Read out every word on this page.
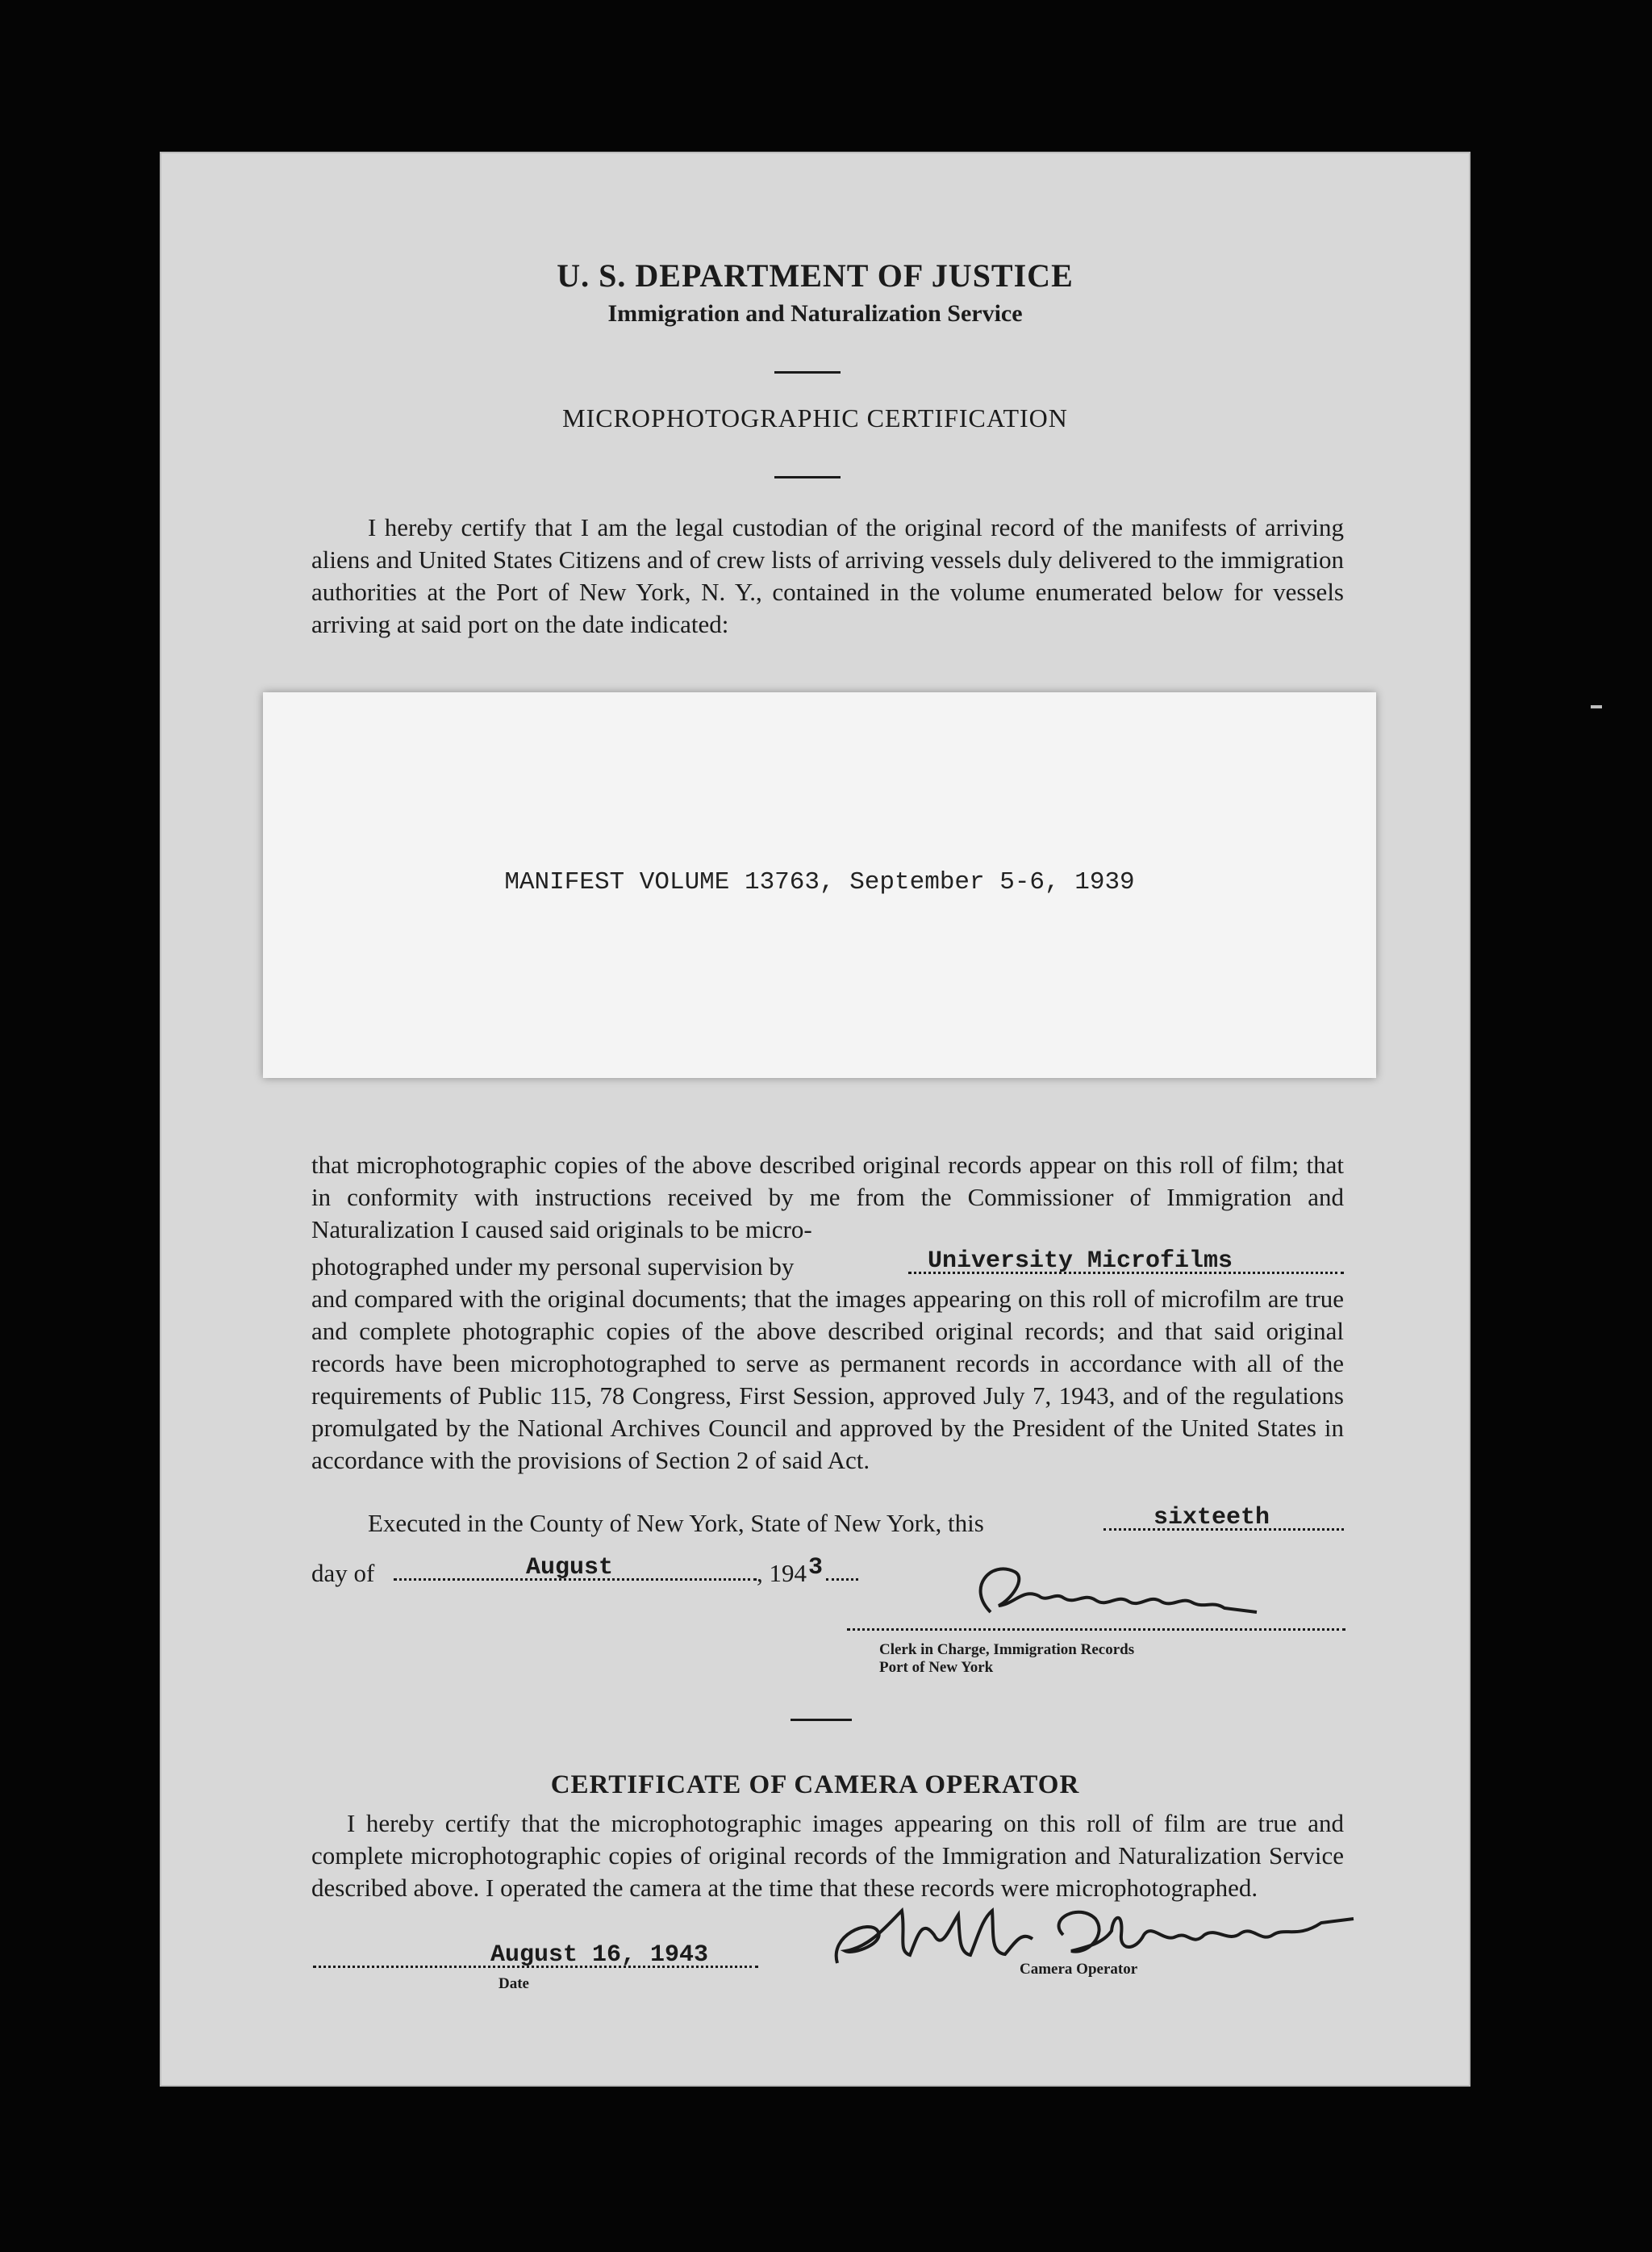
U. S. DEPARTMENT OF JUSTICE
Immigration and Naturalization Service
MICROPHOTOGRAPHIC CERTIFICATION

I hereby certify that I am the legal custodian of the original record of the manifests of arriving aliens and United States Citizens and of crew lists of arriving vessels duly delivered to the immigration authorities at the Port of New York, N. Y., contained in the volume enumerated below for vessels arriving at said port on the date indicated:

MANIFEST VOLUME 13763, September 5-6, 1939

that microphotographic copies of the above described original records appear on this roll of film; that in conformity with instructions received by me from the Commissioner of Immigration and Naturalization I caused said originals to be micro-

photographed under my personal supervision by	University Microfilms

and compared with the original documents; that the images appearing on this roll of microfilm are true and complete photographic copies of the above described original records; and that said original records have been microphotographed to serve as permanent records in accordance with all of the requirements of Public 115, 78 Congress, First Session, approved July 7, 1943, and of the regulations promulgated by the National Archives Council and approved by the President of the United States in accordance with the provisions of Section 2 of said Act.

Executed in the County of New York, State of New York, this	sixteeth
day of	August	, 194 3
Clerk in Charge, Immigration Records
Port of New York
CERTIFICATE OF CAMERA OPERATOR

I hereby certify that the microphotographic images appearing on this roll of film are true and complete microphotographic copies of original records of the Immigration and Naturalization Service described above. I operated the camera at the time that these records were microphotographed.

August 16, 1943
Date
Camera Operator
